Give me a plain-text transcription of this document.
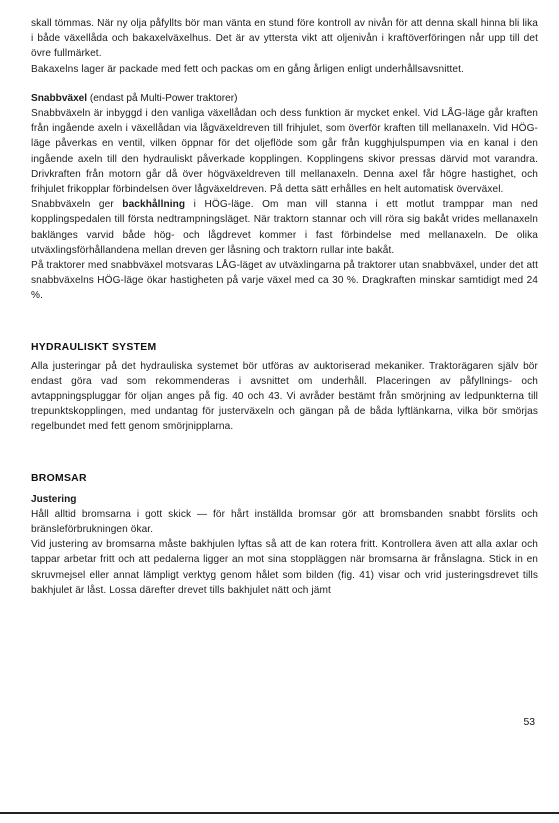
skall tömmas. När ny olja påfyllts bör man vänta en stund före kontroll av nivån för att denna skall hinna bli lika i både växellåda och bakaxelväxelhus. Det är av yttersta vikt att oljenivån i kraftöverföringen når upp till det övre fullmärket.

Bakaxelns lager är packade med fett och packas om en gång årligen enligt underhållsavsnittet.

Snabbväxel (endast på Multi-Power traktorer)

Snabbväxeln är inbyggd i den vanliga växellådan och dess funktion är mycket enkel. Vid LÅG-läge går kraften från ingående axeln i växellådan via lågväxeldreven till frihjulet, som överför kraften till mellanaxeln. Vid HÖG-läge påverkas en ventil, vilken öppnar för det oljeflöde som går från kugghjulspumpen via en kanal i den ingående axeln till den hydrauliskt påverkade kopplingen. Kopplingens skivor pressas därvid mot varandra. Drivkraften från motorn går då över högväxeldreven till mellanaxeln. Denna axel får högre hastighet, och frihjulet frikopplar förbindelsen över lågväxeldreven. På detta sätt erhålles en helt automatisk överväxel.

Snabbväxeln ger backhållning i HÖG-läge. Om man vill stanna i ett motlut tramppar man ned kopplingspedalen till första nedtrampningsläget. När traktorn stannar och vill röra sig bakåt vrides mellanaxeln baklänges varvid både hög- och lågdrevet kommer i fast förbindelse med mellanaxeln. De olika utväxlingsförhållandena mellan dreven ger låsning och traktorn rullar inte bakåt.

På traktorer med snabbväxel motsvaras LÅG-läget av utväxlingarna på traktorer utan snabbväxel, under det att snabbväxelns HÖG-läge ökar hastigheten på varje växel med ca 30 %. Dragkraften minskar samtidigt med 24 %.

HYDRAULISKT SYSTEM

Alla justeringar på det hydrauliska systemet bör utföras av auktoriserad mekaniker. Traktorägaren själv bör endast göra vad som rekommenderas i avsnittet om underhåll. Placeringen av påfyllnings- och avtappningspluggar för oljan anges på fig. 40 och 43. Vi avråder bestämt från smörjning av ledpunkterna till trepunktskopplingen, med undantag för justerväxeln och gängan på de båda lyftlänkarna, vilka bör smörjas regelbundet med fett genom smörjnipplarna.

BROMSAR

Justering

Håll alltid bromsarna i gott skick — för hårt inställda bromsar gör att bromsbanden snabbt förslits och bränsleförbrukningen ökar.

Vid justering av bromsarna måste bakhjulen lyftas så att de kan rotera fritt. Kontrollera även att alla axlar och tappar arbetar fritt och att pedalerna ligger an mot sina stoppläggen när bromsarna är frånslagna. Stick in en skruvmejsel eller annat lämpligt verktyg genom hålet som bilden (fig. 41) visar och vrid justeringsdrevet tills bakhjulet är låst. Lossa därefter drevet tills bakhjulet nätt och jämt

53
